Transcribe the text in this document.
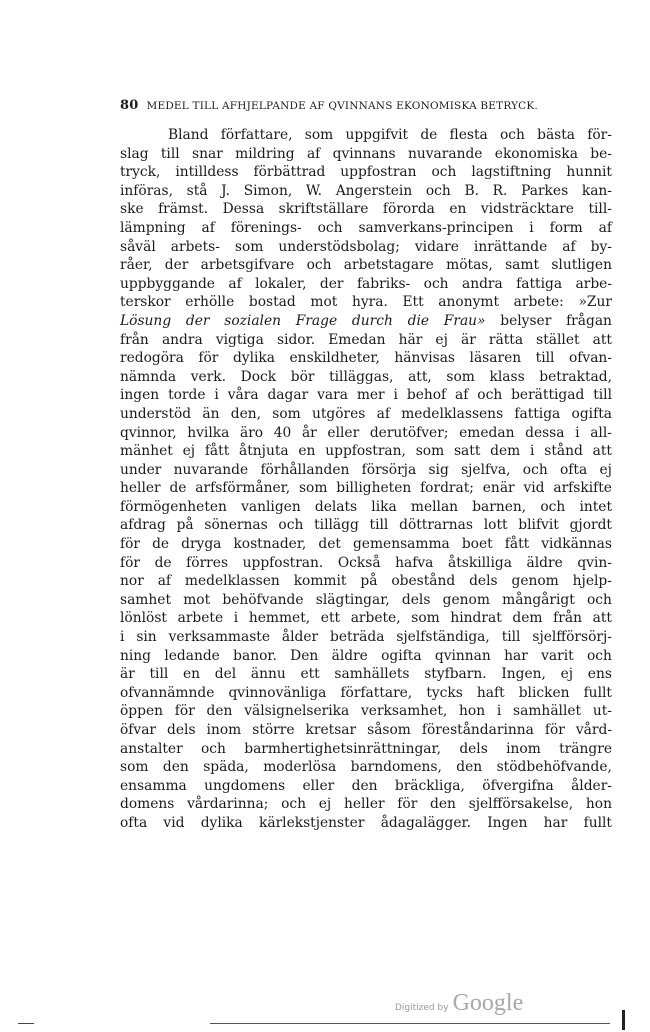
80 MEDEL TILL AFHJELPANDE AF QVINNANS EKONOMISKA BETRYCK.
Bland författare, som uppgifvit de flesta och bästa för-
slag till snar mildring af qvinnans nuvarande ekonomiska be-
tryck, intilldess förbättrad uppfostran och lagstiftning hunnit
införas, stå J. Simon, W. Angerstein och B. R. Parkes kan-
ske främst. Dessa skriftställare förorda en vidsträcktare till-
lämpning af förenings- och samverkans-principen i form af
såväl arbets- som understödsbolag; vidare inrättande af by-
råer, der arbetsgifvare och arbetstagare mötas, samt slutligen
uppbyggande af lokaler, der fabriks- och andra fattiga arbe-
terskor erhölle bostad mot hyra. Ett anonymt arbete: »Zur
Lösung der sozialen Frage durch die Frau» belyser frågan
från andra vigtiga sidor. Emedan här ej är rätta stället att
redogöra för dylika enskildheter, hänvisas läsaren till ofvan-
nämnda verk. Dock bör tilläggas, att, som klass betraktad,
ingen torde i våra dagar vara mer i behof af och berättigad till
understöd än den, som utgöres af medelklassens fattiga ogifta
qvinnor, hvilka äro 40 år eller derutöfver; emedan dessa i all-
mänhet ej fått åtnjuta en uppfostran, som satt dem i stånd att
under nuvarande förhållanden försörja sig sjelfva, och ofta ej
heller de arfsförmåner, som billigheten fordrat; enär vid arfskifte
förmögenheten vanligen delats lika mellan barnen, och intet
afdrag på sönernas och tillägg till döttrarnas lott blifvit gjordt
för de dryga kostnader, det gemensamma boet fått vidkännas
för de förres uppfostran. Också hafva åtskilliga äldre qvin-
nor af medelklassen kommit på obestånd dels genom hjelp-
samhet mot behöfvande slägtingar, dels genom mångårigt och
lönlöst arbete i hemmet, ett arbete, som hindrat dem från att
i sin verksammaste ålder beträda sjelfständiga, till sjelfförsörj-
ning ledande banor. Den äldre ogifta qvinnan har varit och
är till en del ännu ett samhällets styfbarn. Ingen, ej ens
ofvannämnde qvinnovänliga författare, tycks haft blicken fullt
öppen för den välsignelserika verksamhet, hon i samhället ut-
öfvar dels inom större kretsar såsom föreståndarinna för vård-
anstalter och barmhertighetsinrättningar, dels inom trängre
som den späda, moderlösa barndomens, den stödbehöfvande,
ensamma ungdomens eller den bräckliga, öfvergifna ålder-
domens vårdarinna; och ej heller för den sjelfförsakelse, hon
ofta vid dylika kärlekstjenster ådagalägger. Ingen har fullt
Digitized by Google
